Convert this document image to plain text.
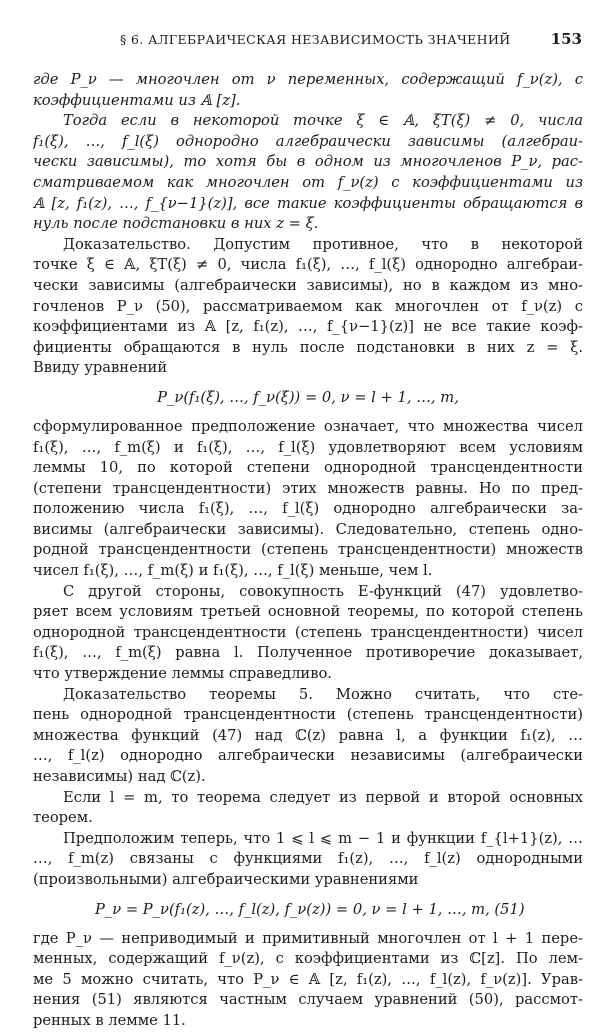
§ 6. АЛГЕБРАИЧЕСКАЯ НЕЗАВИСИМОСТЬ ЗНАЧЕНИЙ	153
где P_ν — многочлен от ν переменных, содержащий f_ν(z), с
коэффициентами из 𝔸 [z].
Тогда если в некоторой точке ξ ∈ 𝔸, ξT(ξ) ≠ 0, числа
f₁(ξ), …, f_l(ξ) однородно алгебраически зависимы (алгебраи-
чески зависимы), то хотя бы в одном из многочленов P_ν, рас-
сматриваемом как многочлен от f_ν(z) с коэффициентами из
𝔸 [z, f₁(z), …, f_{ν−1}(z)], все такие коэффициенты обращаются в
нуль после подстановки в них z = ξ.
Доказательство. Допустим противное, что в некоторой
точке ξ ∈ 𝔸, ξT(ξ) ≠ 0, числа f₁(ξ), …, f_l(ξ) однородно алгебраи-
чески зависимы (алгебраически зависимы), но в каждом из мно-
гочленов P_ν (50), рассматриваемом как многочлен от f_ν(z) с
коэффициентами из 𝔸 [z, f₁(z), …, f_{ν−1}(z)] не все такие коэф-
фициенты обращаются в нуль после подстановки в них z = ξ.
Ввиду уравнений
P_ν(f₁(ξ), …, f_ν(ξ)) = 0, ν = l + 1, …, m,
сформулированное предположение означает, что множества чисел
f₁(ξ), …, f_m(ξ) и f₁(ξ), …, f_l(ξ) удовлетворяют всем условиям
леммы 10, по которой степени однородной трансцендентности
(степени трансцендентности) этих множеств равны. Но по пред-
положению числа f₁(ξ), …, f_l(ξ) однородно алгебраически за-
висимы (алгебраически зависимы). Следовательно, степень одно-
родной трансцендентности (степень трансцендентности) множеств
чисел f₁(ξ), …, f_m(ξ) и f₁(ξ), …, f_l(ξ) меньше, чем l.
С другой стороны, совокупность E-функций (47) удовлетво-
ряет всем условиям третьей основной теоремы, по которой степень
однородной трансцендентности (степень трансцендентности) чисел
f₁(ξ), …, f_m(ξ) равна l. Полученное противоречие доказывает,
что утверждение леммы справедливо.
Доказательство теоремы 5. Можно считать, что сте-
пень однородной трансцендентности (степень трансцендентности)
множества функций (47) над ℂ(z) равна l, а функции f₁(z), …
…, f_l(z) однородно алгебраически независимы (алгебраически
независимы) над ℂ(z).
Если l = m, то теорема следует из первой и второй основных
теорем.
Предположим теперь, что 1 ⩽ l ⩽ m − 1 и функции f_{l+1}(z), …
…, f_m(z) связаны с функциями f₁(z), …, f_l(z) однородными
(произвольными) алгебраическими уравнениями
P_ν = P_ν(f₁(z), …, f_l(z), f_ν(z)) = 0, ν = l + 1, …, m, (51)
где P_ν — неприводимый и примитивный многочлен от l + 1 пере-
менных, содержащий f_ν(z), с коэффициентами из ℂ[z]. По лем-
ме 5 можно считать, что P_ν ∈ 𝔸 [z, f₁(z), …, f_l(z), f_ν(z)]. Урав-
нения (51) являются частным случаем уравнений (50), рассмот-
ренных в лемме 11.
